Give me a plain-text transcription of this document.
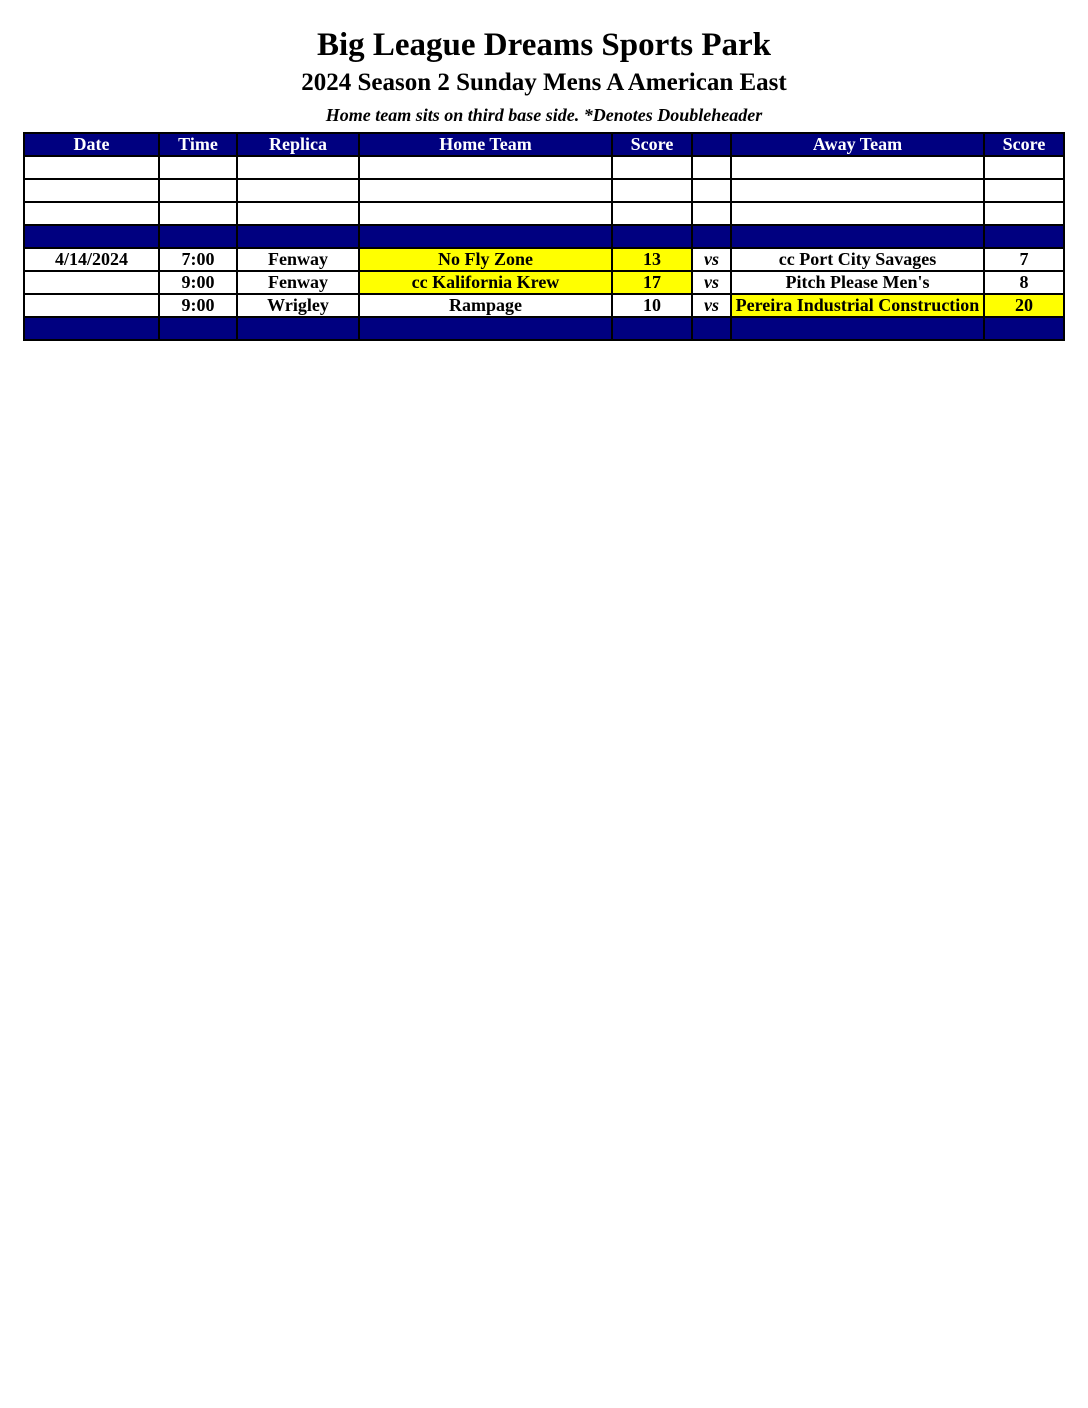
Big League Dreams Sports Park
2024 Season 2 Sunday Mens A American East

Home team sits on third base side. *Denotes Doubleheader

Date	Time	Replica	Home Team	Score		Away Team	Score

4/14/2024	7:00	Fenway	No Fly Zone	13	vs	cc Port City Savages	7
	9:00	Fenway	cc Kalifornia Krew	17	vs	Pitch Please Men's	8
	9:00	Wrigley	Rampage	10	vs	Pereira Industrial Construction	20
